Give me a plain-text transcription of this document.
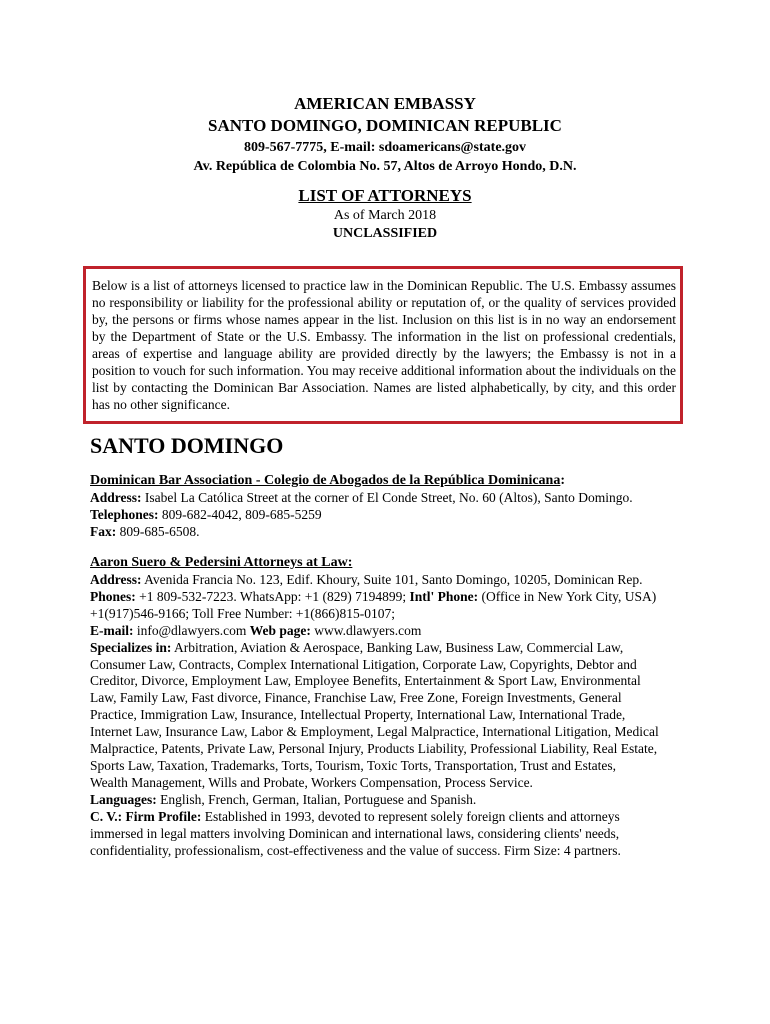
AMERICAN EMBASSY
SANTO DOMINGO, DOMINICAN REPUBLIC
809-567-7775, E-mail: sdoamericans@state.gov
Av. República de Colombia No. 57, Altos de Arroyo Hondo, D.N.
LIST OF ATTORNEYS
As of March 2018
UNCLASSIFIED
Below is a list of attorneys licensed to practice law in the Dominican Republic. The U.S. Embassy assumes no responsibility or liability for the professional ability or reputation of, or the quality of services provided by, the persons or firms whose names appear in the list. Inclusion on this list is in no way an endorsement by the Department of State or the U.S. Embassy. The information in the list on professional credentials, areas of expertise and language ability are provided directly by the lawyers; the Embassy is not in a position to vouch for such information. You may receive additional information about the individuals on the list by contacting the Dominican Bar Association. Names are listed alphabetically, by city, and this order has no other significance.
SANTO DOMINGO
Dominican Bar Association - Colegio de Abogados de la República Dominicana:
Address: Isabel La Católica Street at the corner of El Conde Street, No. 60 (Altos), Santo Domingo.
Telephones: 809-682-4042, 809-685-5259
Fax: 809-685-6508.
Aaron Suero & Pedersini Attorneys at Law:
Address: Avenida Francia No. 123, Edif. Khoury, Suite 101, Santo Domingo, 10205, Dominican Rep.
Phones: +1 809-532-7223. WhatsApp: +1 (829) 7194899; Intl' Phone: (Office in New York City, USA)
+1(917)546-9166; Toll Free Number: +1(866)815-0107;
E-mail: info@dlawyers.com Web page: www.dlawyers.com
Specializes in: Arbitration, Aviation & Aerospace, Banking Law, Business Law, Commercial Law,
Consumer Law, Contracts, Complex International Litigation, Corporate Law, Copyrights, Debtor and
Creditor, Divorce, Employment Law, Employee Benefits, Entertainment & Sport Law, Environmental
Law, Family Law, Fast divorce, Finance, Franchise Law, Free Zone, Foreign Investments, General
Practice, Immigration Law, Insurance, Intellectual Property, International Law, International Trade,
Internet Law, Insurance Law, Labor & Employment, Legal Malpractice, International Litigation, Medical
Malpractice, Patents, Private Law, Personal Injury, Products Liability, Professional Liability, Real Estate,
Sports Law, Taxation, Trademarks, Torts, Tourism, Toxic Torts, Transportation, Trust and Estates,
Wealth Management, Wills and Probate, Workers Compensation, Process Service.
Languages: English, French, German, Italian, Portuguese and Spanish.
C. V.: Firm Profile: Established in 1993, devoted to represent solely foreign clients and attorneys
immersed in legal matters involving Dominican and international laws, considering clients' needs,
confidentiality, professionalism, cost-effectiveness and the value of success. Firm Size: 4 partners.
